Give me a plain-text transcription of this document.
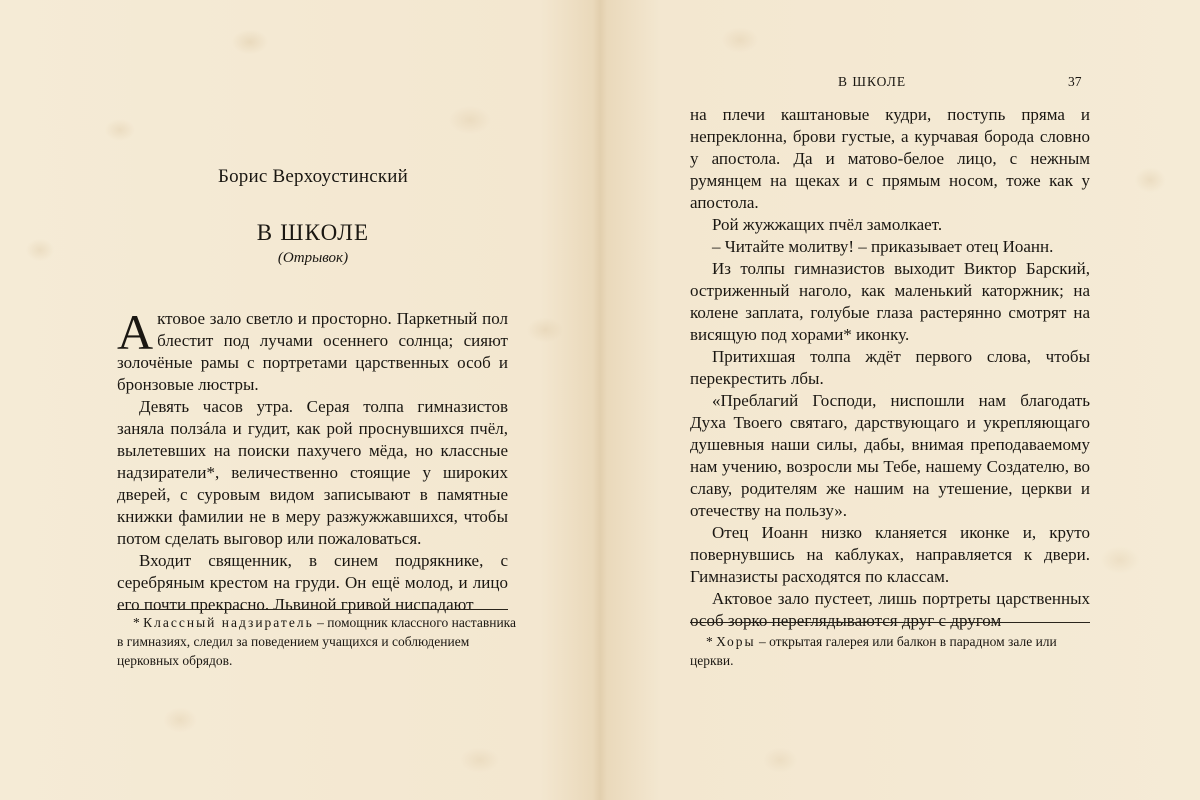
Борис Верхоустинский
В ШКОЛЕ
(Отрывок)

Актовое зало светло и просторно. Паркетный пол блестит под лучами осеннего солнца; сияют золочёные рамы с портретами царственных особ и бронзовые люстры.

Девять часов утра. Серая толпа гимназистов заняла ползáла и гудит, как рой проснувшихся пчёл, вылетевших на поиски пахучего мёда, но классные надзиратели*, величественно стоящие у широких дверей, с суровым видом записывают в памятные книжки фамилии не в меру разжужжавшихся, чтобы потом сделать выговор или пожаловаться.

Входит священник, в синем подрякнике, с серебряным крестом на груди. Он ещё молод, и лицо его почти прекрасно. Львиной гривой ниспадают

* Классный надзиратель – помощник классного наставника в гимназиях, следил за поведением учащихся и соблюдением церковных обрядов.
В ШКОЛЕ	37

на плечи каштановые кудри, поступь пряма и непреклонна, брови густые, а курчавая борода словно у апостола. Да и матово-белое лицо, с нежным румянцем на щеках и с прямым носом, тоже как у апостола.

Рой жужжащих пчёл замолкает.

– Читайте молитву! – приказывает отец Иоанн.

Из толпы гимназистов выходит Виктор Барский, остриженный наголо, как маленький каторжник; на колене заплата, голубые глаза растерянно смотрят на висящую под хорами* иконку.

Притихшая толпа ждёт первого слова, чтобы перекрестить лбы.

«Преблагий Господи, ниспошли нам благодать Духа Твоего святаго, дарствующаго и укрепляющаго душевныя наши силы, дабы, внимая преподаваемому нам учению, возросли мы Тебе, нашему Создателю, во славу, родителям же нашим на утешение, церкви и отечеству на пользу».

Отец Иоанн низко кланяется иконке и, круто повернувшись на каблуках, направляется к двери. Гимназисты расходятся по классам.

Актовое зало пустеет, лишь портреты царственных особ зорко переглядываются друг с другом

* Хоры – открытая галерея или балкон в парадном зале или церкви.
